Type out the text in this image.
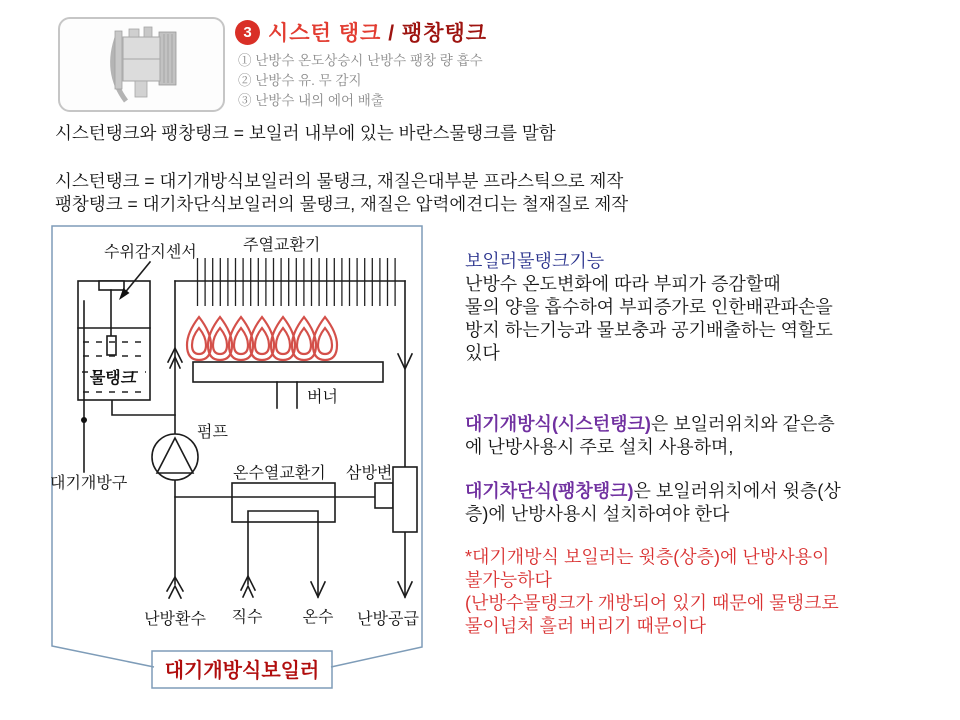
3 시스턴 탱크 / 팽창탱크
① 난방수 온도상승시 난방수 팽창 량 흡수
② 난방수 유. 무 감지
③ 난방수 내의 에어 배출
시스턴탱크와 팽창탱크 = 보일러 내부에 있는 바란스물탱크를 말함
시스턴탱크 = 대기개방식보일러의 물탱크, 재질은대부분 프라스틱으로 제작
팽창탱크 = 대기차단식보일러의 물탱크, 재질은 압력에견디는 철재질로 제작
수위감지센서	주열교환기
물탱크
버너
펌프
대기개방구
온수열교환기 삼방변
난방환수 직수	온수 난방공급
대기개방식보일러
보일러물탱크기능
난방수 온도변화에 따라 부피가 증감할때
물의 양을 흡수하여 부피증가로 인한배관파손을
방지 하는기능과 물보충과 공기배출하는 역할도
있다
대기개방식(시스턴탱크)은 보일러위치와 같은층
에 난방사용시 주로 설치 사용하며,
대기차단식(팽창탱크)은 보일러위치에서 윗층(상
층)에 난방사용시 설치하여야 한다
*대기개방식 보일러는 윗층(상층)에 난방사용이
불가능하다
(난방수물탱크가 개방되어 있기 때문에 물탱크로
물이넘처 흘러 버리기 때문이다
